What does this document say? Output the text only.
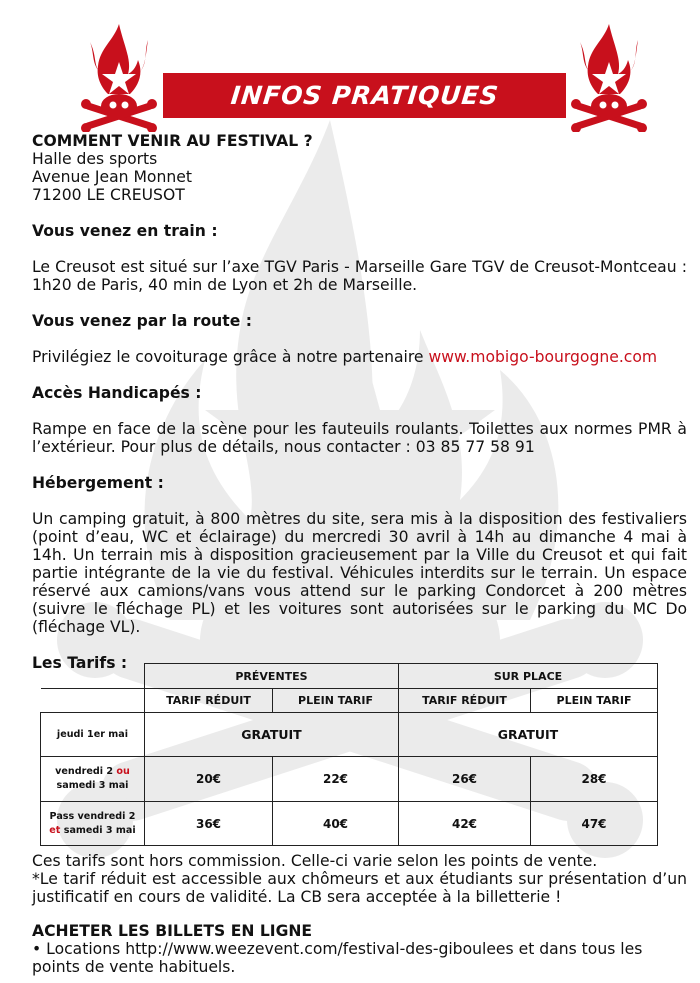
INFOS PRATIQUES

COMMENT VENIR AU FESTIVAL ?

Halle des sports

Avenue Jean Monnet

71200 LE CREUSOT

Vous venez en train :

Le Creusot est situé sur l’axe TGV Paris - Marseille Gare TGV de Creusot-Montceau : 1h20 de Paris, 40 min de Lyon et 2h de Marseille.

Vous venez par la route :

Privilégiez le covoiturage grâce à notre partenaire www.mobigo-bourgogne.com

Accès Handicapés :

Rampe en face de la scène pour les fauteuils roulants. Toilettes aux normes PMR à l’extérieur. Pour plus de détails, nous contacter : 03 85 77 58 91

Hébergement :

Un camping gratuit, à 800 mètres du site, sera mis à la disposition des festivaliers (point d’eau, WC et éclairage) du mercredi 30 avril à 14h au dimanche 4 mai à 14h. Un terrain mis à disposition gracieusement par la Ville du Creusot et qui fait partie intégrante de la vie du festival. Véhicules interdits sur le terrain. Un espace réservé aux camions/vans vous attend sur le parking Condorcet à 200 mètres (suivre le fléchage PL) et les voitures sont autorisées sur le parking du MC Do (fléchage VL).

Les Tarifs :

	PRÉVENTES		SUR PLACE	
	TARIF RÉDUIT	PLEIN TARIF	TARIF RÉDUIT	PLEIN TARIF
jeudi 1er mai	GRATUIT		GRATUIT	
vendredi 2 ou
samedi 3 mai	20€	22€	26€	28€
Pass vendredi 2
et samedi 3 mai	36€	40€	42€	47€

Ces tarifs sont hors commission. Celle-ci varie selon les points de vente.

*Le tarif réduit est accessible aux chômeurs et aux étudiants sur présentation d’un justificatif en cours de validité. La CB sera acceptée à la billetterie !

ACHETER LES BILLETS EN LIGNE

• Locations http://www.weezevent.com/festival-des-giboulees et dans tous les points de vente habituels.
